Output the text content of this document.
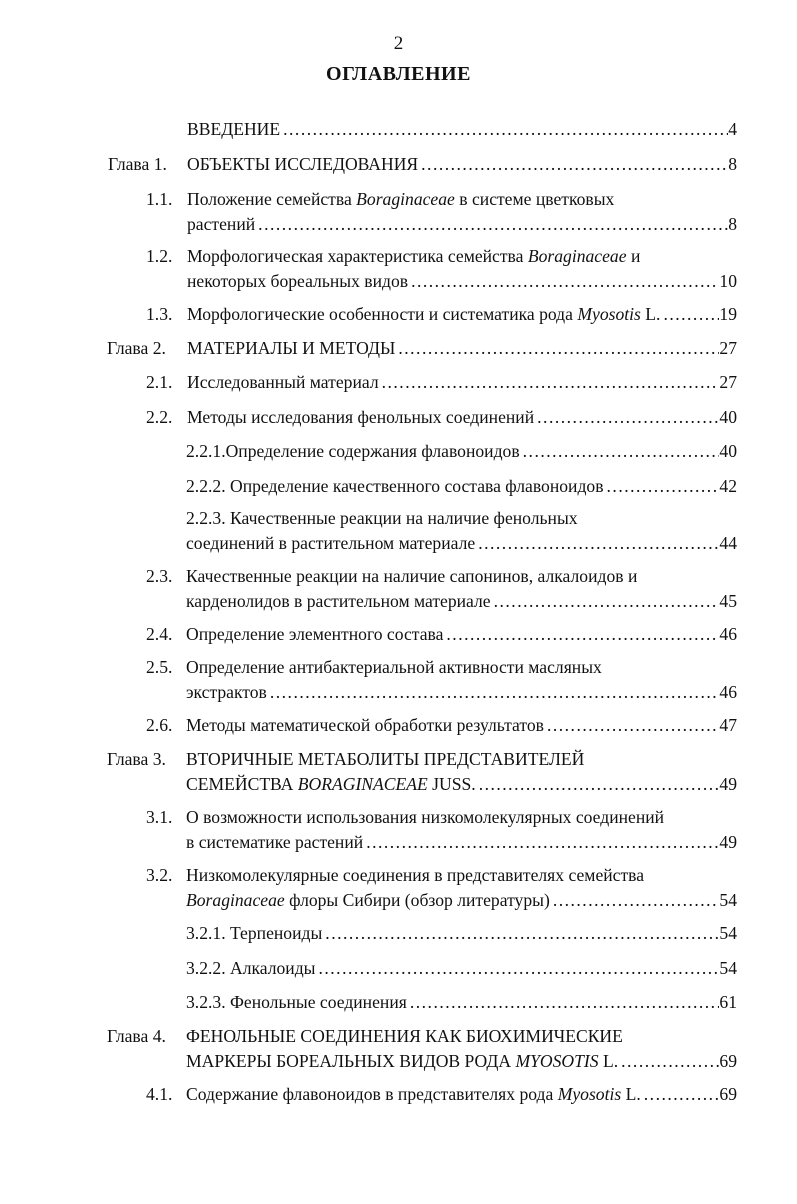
2
ОГЛАВЛЕНИЕ
ВВЕДЕНИЕ .....	4
Глава 1. ОБЪЕКТЫ ИССЛЕДОВАНИЯ .....	8
1.1. Положение семейства Boraginaceae в системе цветковых
растений .....	8
1.2. Морфологическая характеристика семейства Boraginaceae и
некоторых бореальных видов .....	10
1.3. Морфологические особенности и систематика рода Myosotis L. .....	19
Глава 2. МАТЕРИАЛЫ И МЕТОДЫ .....	27
2.1. Исследованный материал .....	27
2.2. Методы исследования фенольных соединений .....	40
2.2.1.Определение содержания флавоноидов .....	40
2.2.2. Определение качественного состава флавоноидов .....	42
2.2.3. Качественные реакции на наличие фенольных
соединений в растительном материале .....	44
2.3. Качественные реакции на наличие сапонинов, алкалоидов и
карденолидов в растительном материале .....	45
2.4. Определение элементного состава .....	46
2.5. Определение антибактериальной активности масляных
экстрактов .....	46
2.6. Методы математической обработки результатов .....	47
Глава 3. ВТОРИЧНЫЕ МЕТАБОЛИТЫ ПРЕДСТАВИТЕЛЕЙ
СЕМЕЙСТВА BORAGINACEAE JUSS. .....	49
3.1. О возможности использования низкомолекулярных соединений
в систематике растений .....	49
3.2. Низкомолекулярные соединения в представителях семейства
Boraginaceae флоры Сибири (обзор литературы) .....	54
3.2.1. Терпеноиды .....	54
3.2.2. Алкалоиды .....	54
3.2.3. Фенольные соединения .....	61
Глава 4. ФЕНОЛЬНЫЕ СОЕДИНЕНИЯ КАК БИОХИМИЧЕСКИЕ
МАРКЕРЫ БОРЕАЛЬНЫХ ВИДОВ РОДА MYOSOTIS L. .....	69
4.1. Содержание флавоноидов в представителях рода Myosotis L. .....	69
